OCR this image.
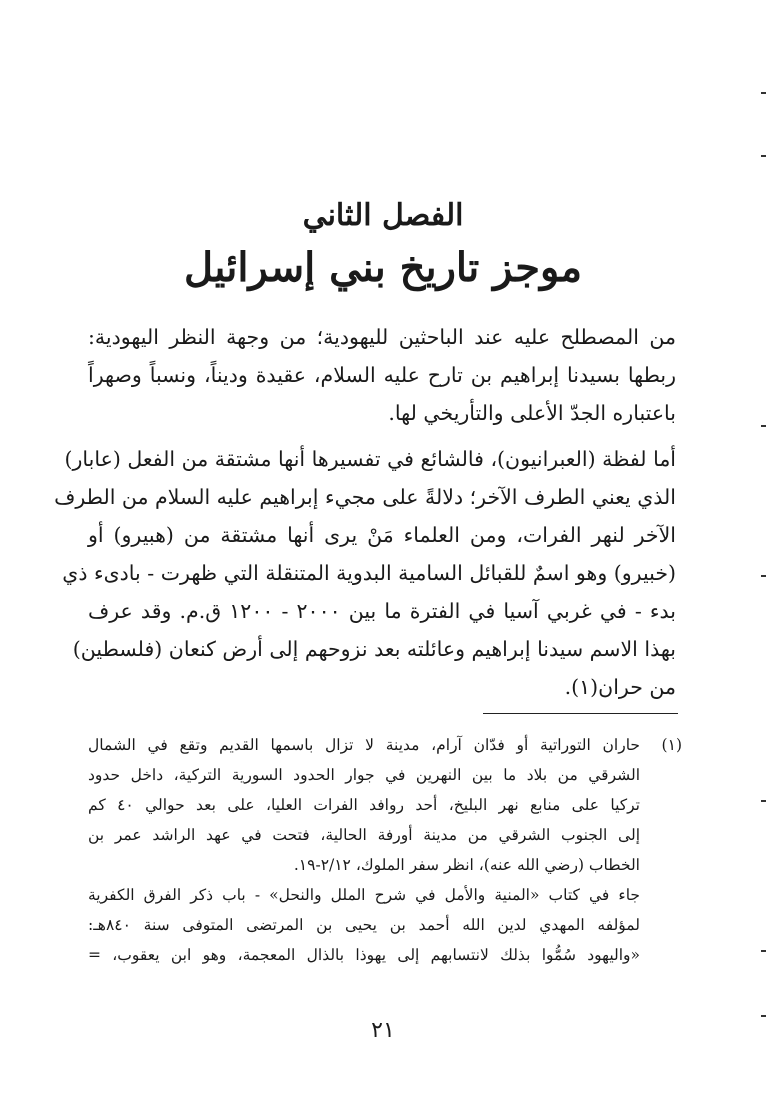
الفصل الثاني
موجز تاريخ بني إسرائيل
من المصطلح عليه عند الباحثين لليهودية؛ من وجهة النظر اليهودية:
ربطها بسيدنا إبراهيم بن تارح عليه السلام، عقيدة وديناً، ونسباً وصهراً
باعتباره الجدّ الأعلى والتأريخي لها.
أما لفظة (العبرانيون)، فالشائع في تفسيرها أنها مشتقة من الفعل (عابار)
الذي يعني الطرف الآخر؛ دلالةً على مجيء إبراهيم عليه السلام من الطرف
الآخر لنهر الفرات، ومن العلماء مَنْ يرى أنها مشتقة من (هبيرو) أو
(خبيرو) وهو اسمٌ للقبائل السامية البدوية المتنقلة التي ظهرت - بادىء ذي
بدء - في غربي آسيا في الفترة ما بين ٢٠٠٠ - ١٢٠٠ ق.م. وقد عرف
بهذا الاسم سيدنا إبراهيم وعائلته بعد نزوحهم إلى أرض كنعان (فلسطين)
من حران(١).
(١)
حاران التوراتية أو فدّان آرام، مدينة لا تزال باسمها القديم وتقع في الشمال
الشرقي من بلاد ما بين النهرين في جوار الحدود السورية التركية، داخل حدود
تركيا على منابع نهر البليخ، أحد روافد الفرات العليا، على بعد حوالي ٤٠ كم
إلى الجنوب الشرقي من مدينة أورفة الحالية، فتحت في عهد الراشد عمر بن
الخطاب (رضي الله عنه)، انظر سفر الملوك، ٢/١٢-١٩.
جاء في كتاب «المنية والأمل في شرح الملل والنحل» - باب ذكر الفرق الكفرية
لمؤلفه المهدي لدين الله أحمد بن يحيى بن المرتضى المتوفى سنة ٨٤٠هـ:
«واليهود سُمُّوا بذلك لانتسابهم إلى يهوذا بالذال المعجمة، وهو ابن يعقوب، =
٢١
